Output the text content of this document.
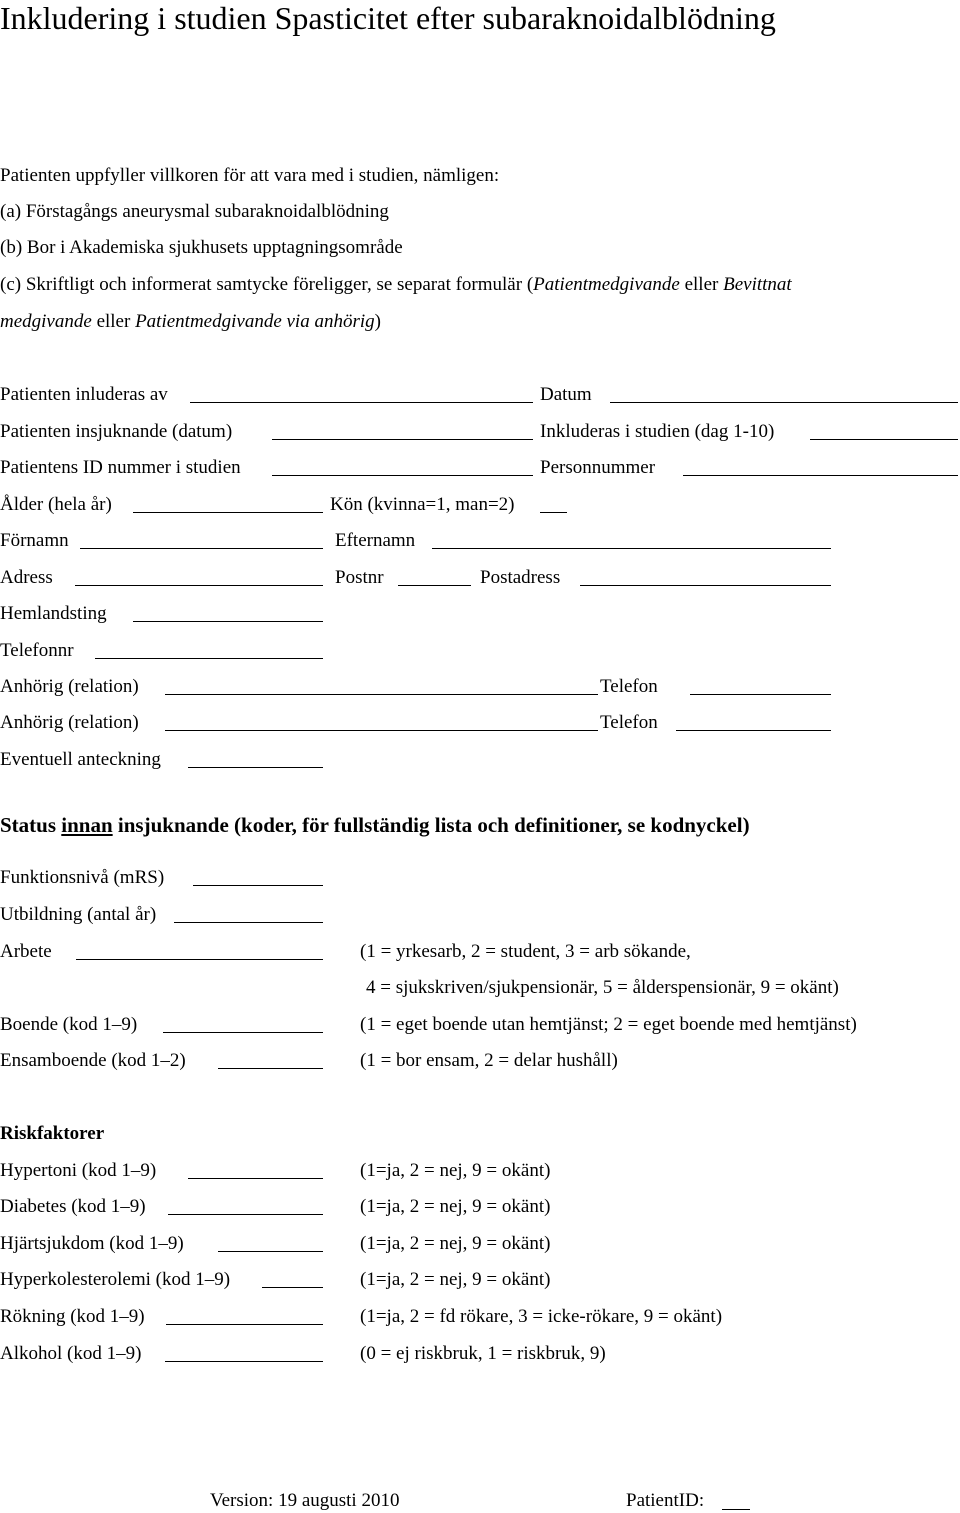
Inkludering i studien Spasticitet efter subaraknoidalblödning
Patienten uppfyller villkoren för att vara med i studien, nämligen:
(a) Förstagångs aneurysmal subaraknoidalblödning
(b) Bor i Akademiska sjukhusets upptagningsområde
(c) Skriftligt och informerat samtycke föreligger, se separat formulär (Patientmedgivande eller Bevittnat
medgivande eller Patientmedgivande via anhörig)
Patienten inluderas av	Datum
Patienten insjuknande (datum)	Inkluderas i studien (dag 1-10)
Patientens ID nummer i studien	Personnummer
Ålder (hela år)	Kön (kvinna=1, man=2)
Förnamn	Efternamn
Adress	Postnr	Postadress
Hemlandsting
Telefonnr
Anhörig (relation)	Telefon
Anhörig (relation)	Telefon
Eventuell anteckning
Status innan insjuknande (koder, för fullständig lista och definitioner, se kodnyckel)
Funktionsnivå (mRS)
Utbildning (antal år)
Arbete	(1 = yrkesarb, 2 = student, 3 = arb sökande,
4 = sjukskriven/sjukpensionär, 5 = ålderspensionär, 9 = okänt)
Boende (kod 1–9)	(1 = eget boende utan hemtjänst; 2 = eget boende med hemtjänst)
Ensamboende (kod 1–2)	(1 = bor ensam, 2 = delar hushåll)
Riskfaktorer
Hypertoni (kod 1–9)	(1=ja, 2 = nej, 9 = okänt)
Diabetes (kod 1–9)	(1=ja, 2 = nej, 9 = okänt)
Hjärtsjukdom (kod 1–9)	(1=ja, 2 = nej, 9 = okänt)
Hyperkolesterolemi (kod 1–9)	(1=ja, 2 = nej, 9 = okänt)
Rökning (kod 1–9)	(1=ja, 2 = fd rökare, 3 = icke-rökare, 9 = okänt)
Alkohol (kod 1–9)	(0 = ej riskbruk, 1 = riskbruk, 9)
Version: 19 augusti 2010	PatientID:
